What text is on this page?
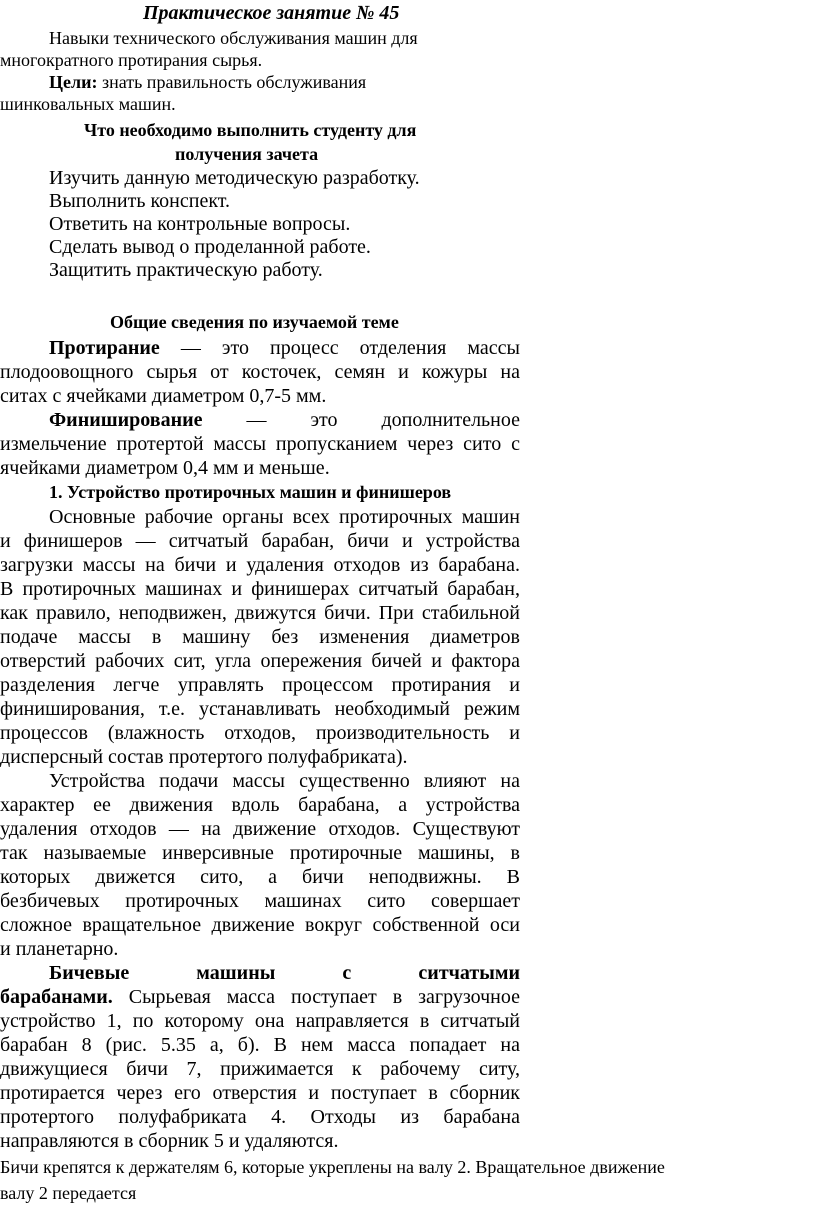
Практическое занятие № 45
Навыки технического обслуживания машин для
многократного протирания сырья.
Цели: знать правильность обслуживания
шинковальных машин.
Что необходимо выполнить студенту для
получения зачета
Изучить данную методическую разработку.
Выполнить конспект.
Ответить на контрольные вопросы.
Сделать вывод о проделанной работе.
Защитить практическую работу.
Общие сведения по изучаемой теме
Протирание — это процесс отделения массы
плодоовощного сырья от косточек, семян и кожуры на
ситах с ячейками диаметром 0,7-5 мм.
Финиширование — это дополнительное
измельчение протертой массы пропусканием через сито с
ячейками диаметром 0,4 мм и меньше.
1. Устройство протирочных машин и финишеров
Основные рабочие органы всех протирочных машин
и финишеров — ситчатый барабан, бичи и устройства
загрузки массы на бичи и удаления отходов из барабана.
В протирочных машинах и финишерах ситчатый барабан,
как правило, неподвижен, движутся бичи. При стабильной
подаче массы в машину без изменения диаметров
отверстий рабочих сит, угла опережения бичей и фактора
разделения легче управлять процессом протирания и
финиширования, т.е. устанавливать необходимый режим
процессов (влажность отходов, производительность и
дисперсный состав протертого полуфабриката).
Устройства подачи массы существенно влияют на
характер ее движения вдоль барабана, а устройства
удаления отходов — на движение отходов. Существуют
так называемые инверсивные протирочные машины, в
которых движется сито, а бичи неподвижны. В
безбичевых протирочных машинах сито совершает
сложное вращательное движение вокруг собственной оси
и планетарно.
Бичевые машины с ситчатыми
барабанами. Сырьевая масса поступает в загрузочное
устройство 1, по которому она направляется в ситчатый
барабан 8 (рис. 5.35 а, б). В нем масса попадает на
движущиеся бичи 7, прижимается к рабочему ситу,
протирается через его отверстия и поступает в сборник
протертого полуфабриката 4. Отходы из барабана
направляются в сборник 5 и удаляются.
Бичи крепятся к держателям 6, которые укреплены на валу 2. Вращательное движение
валу 2 передается
